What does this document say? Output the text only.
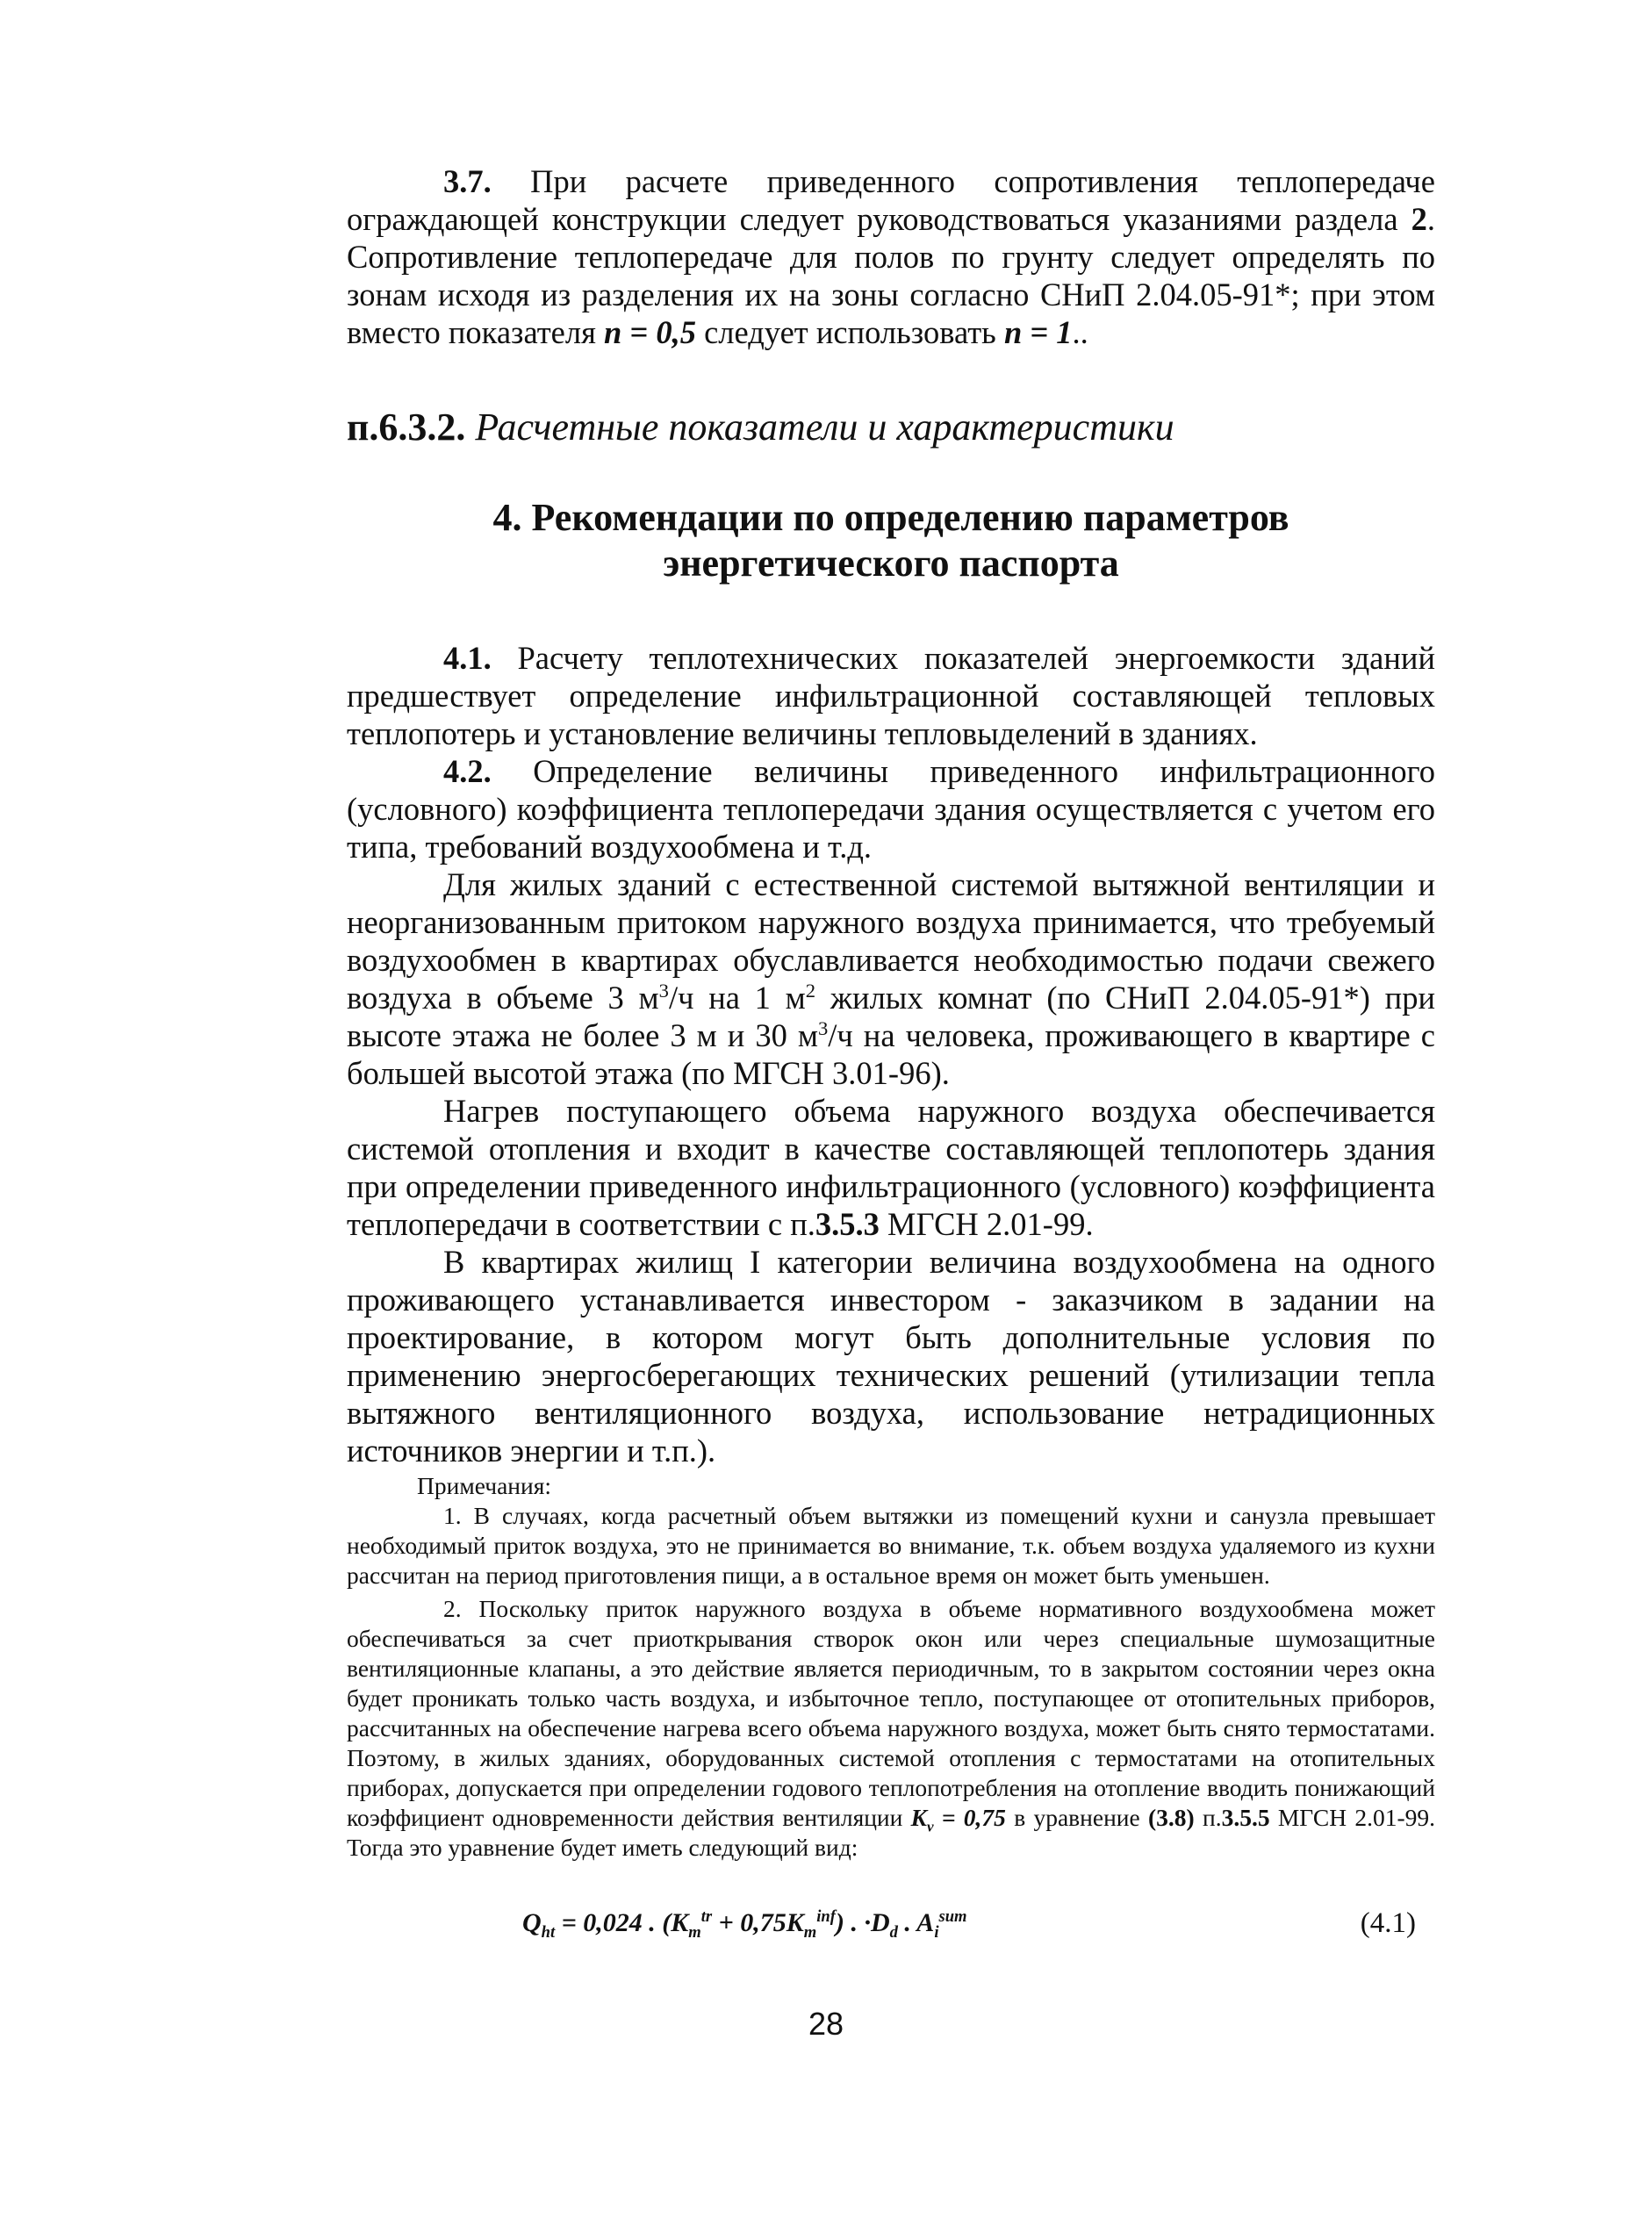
3.7. При расчете приведенного сопротивления теплопередаче ограждающей конструкции следует руководствоваться указаниями раздела 2. Сопротивление теплопередаче для полов по грунту следует определять по зонам исходя из разделения их на зоны согласно СНиП 2.04.05-91*; при этом вместо показателя n = 0,5 следует использовать n = 1..

п.6.3.2. Расчетные показатели и характеристики

4. Рекомендации по определению параметров энергетического паспорта

4.1. Расчету теплотехнических показателей энергоемкости зданий предшествует определение инфильтрационной составляющей тепловых теплопотерь и установление величины тепловыделений в зданиях.

4.2. Определение величины приведенного инфильтрационного (условного) коэффициента теплопередачи здания осуществляется с учетом его типа, требований воздухообмена и т.д.

Для жилых зданий с естественной системой вытяжной вентиляции и неорганизованным притоком наружного воздуха принимается, что требуемый воздухообмен в квартирах обуславливается необходимостью подачи свежего воздуха в объеме 3 $м^3/ч$ на 1 $м^2$ жилых комнат (по СНиП 2.04.05-91*) при высоте этажа не более 3 м и 30 $м^3/ч$ на человека, проживающего в квартире с большей высотой этажа (по МГСН 3.01-96).

Нагрев поступающего объема наружного воздуха обеспечивается системой отопления и входит в качестве составляющей теплопотерь здания при определении приведенного инфильтрационного (условного) коэффициента теплопередачи в соответствии с п.3.5.3 МГСН 2.01-99.

В квартирах жилищ I категории величина воздухообмена на одного проживающего устанавливается инвестором - заказчиком в задании на проектирование, в котором могут быть дополнительные условия по применению энергосберегающих технических решений (утилизации тепла вытяжного вентиляционного воздуха, использование нетрадиционных источников энергии и т.п.).

Примечания:

1. В случаях, когда расчетный объем вытяжки из помещений кухни и санузла превышает необходимый приток воздуха, это не принимается во внимание, т.к. объем воздуха удаляемого из кухни рассчитан на период приготовления пищи, а в остальное время он может быть уменьшен.

2. Поскольку приток наружного воздуха в объеме нормативного воздухообмена может обеспечиваться за счет приоткрывания створок окон или через специальные шумозащитные вентиляционные клапаны, а это действие является периодичным, то в закрытом состоянии через окна будет проникать только часть воздуха, и избыточное тепло, поступающее от отопительных приборов, рассчитанных на обеспечение нагрева всего объема наружного воздуха, может быть снято термостатами. Поэтому, в жилых зданиях, оборудованных системой отопления с термостатами на отопительных приборах, допускается при определении годового теплопотребления на отопление вводить понижающий коэффициент одновременности действия вентиляции $K_v = 0,75$ в уравнение (3.8) п.3.5.5 МГСН 2.01-99. Тогда это уравнение будет иметь следующий вид:

$Q_{ht} = 0,024$ . $(K_m^{tr} + 0,75K_m^{inf})$ . $\cdot D_d$ . $A_i^{sum}$	(4.1)
28
